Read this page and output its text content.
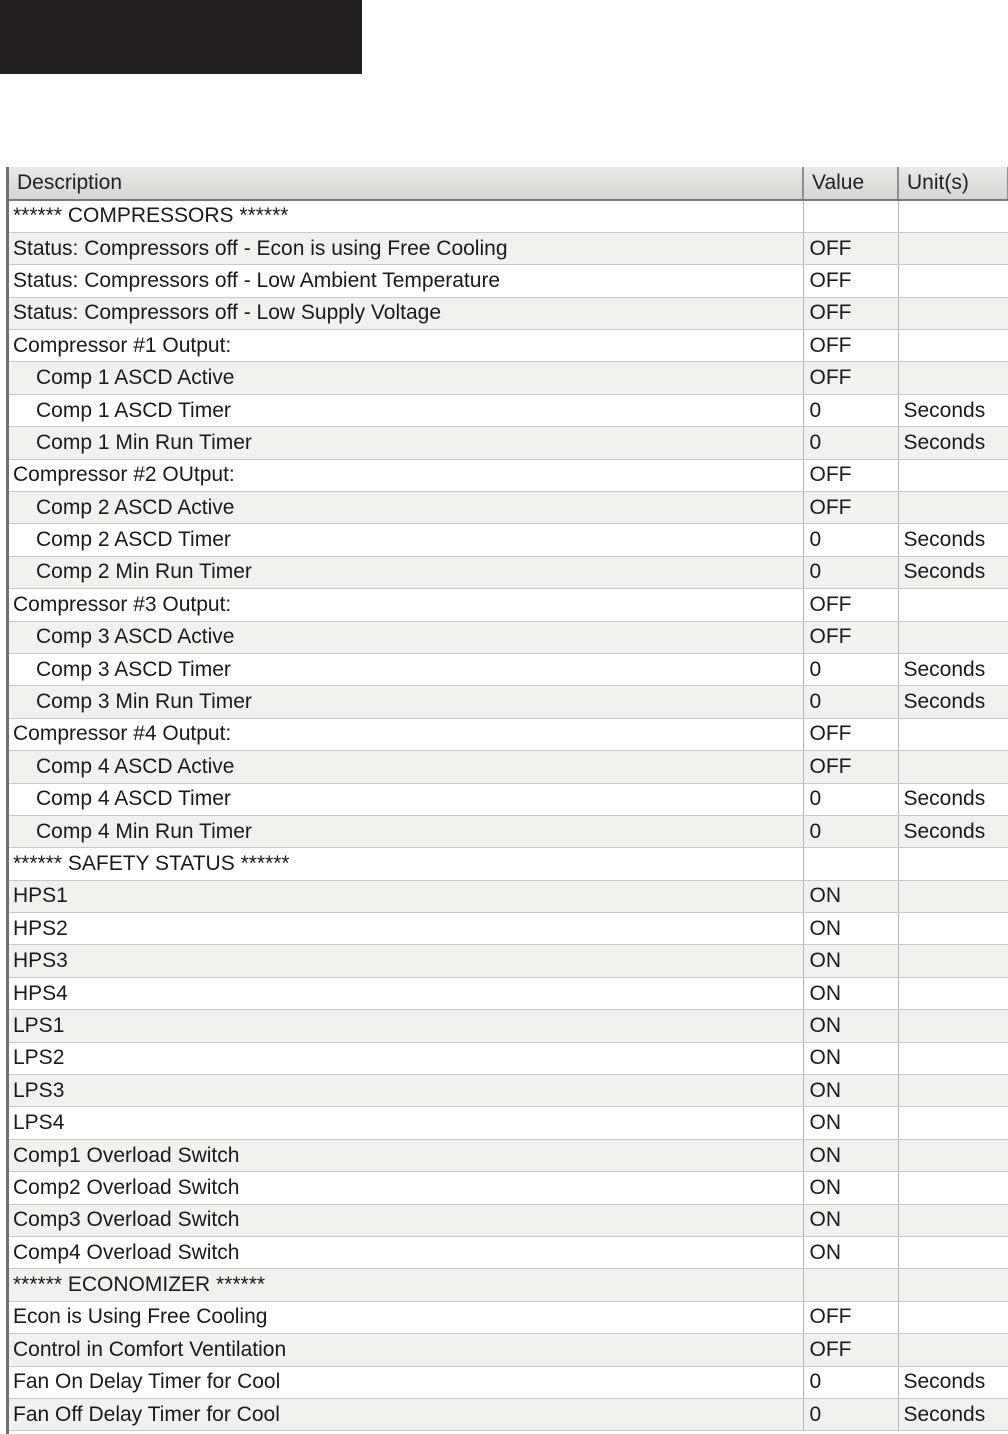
Description	Value	Unit(s)
****** COMPRESSORS ******		
Status: Compressors off - Econ is using Free Cooling	OFF	
Status: Compressors off - Low Ambient Temperature	OFF	
Status: Compressors off - Low Supply Voltage	OFF	
Compressor #1 Output:	OFF	
Comp 1 ASCD Active	OFF	
Comp 1 ASCD Timer	0	Seconds
Comp 1 Min Run Timer	0	Seconds
Compressor #2 OUtput:	OFF	
Comp 2 ASCD Active	OFF	
Comp 2 ASCD Timer	0	Seconds
Comp 2 Min Run Timer	0	Seconds
Compressor #3 Output:	OFF	
Comp 3 ASCD Active	OFF	
Comp 3 ASCD Timer	0	Seconds
Comp 3 Min Run Timer	0	Seconds
Compressor #4 Output:	OFF	
Comp 4 ASCD Active	OFF	
Comp 4 ASCD Timer	0	Seconds
Comp 4 Min Run Timer	0	Seconds
****** SAFETY STATUS ******		
HPS1	ON	
HPS2	ON	
HPS3	ON	
HPS4	ON	
LPS1	ON	
LPS2	ON	
LPS3	ON	
LPS4	ON	
Comp1 Overload Switch	ON	
Comp2 Overload Switch	ON	
Comp3 Overload Switch	ON	
Comp4 Overload Switch	ON	
****** ECONOMIZER ******		
Econ is Using Free Cooling	OFF	
Control in Comfort Ventilation	OFF	
Fan On Delay Timer for Cool	0	Seconds
Fan Off Delay Timer for Cool	0	Seconds
